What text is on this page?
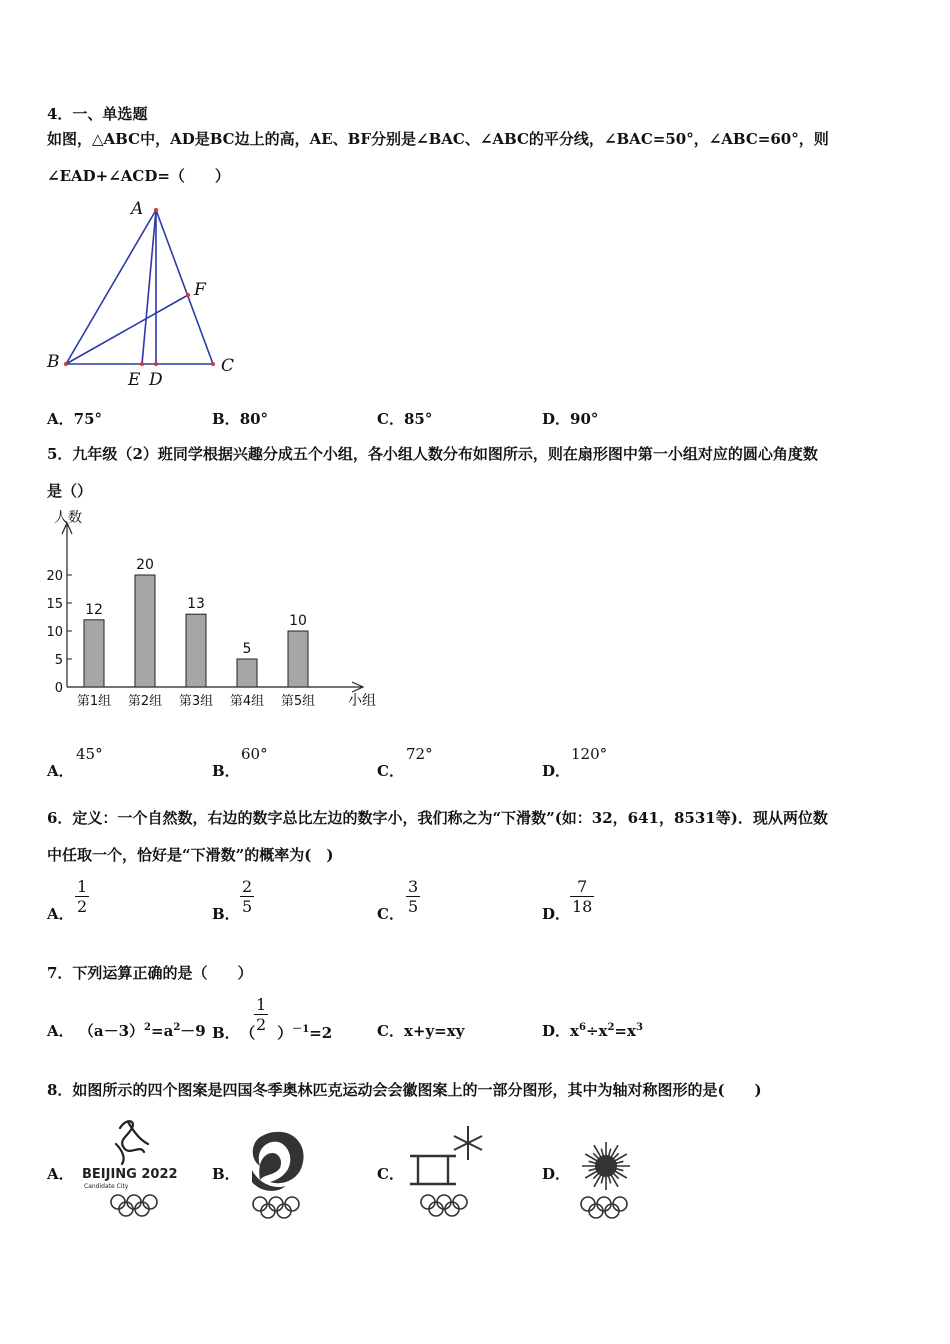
4．一、单选题
如图，△ABC中，AD是BC边上的高，AE、BF分别是∠BAC、∠ABC的平分线，∠BAC=50°，∠ABC=60°，则
∠EAD+∠ACD=（　　）
A
F
B	C
E D
A．75°	B．80°	C．85°	D．90°
5．九年级（2）班同学根据兴趣分成五个小组，各小组人数分布如图所示，则在扇形图中第一小组对应的圆心角度数
是（）
人数
小组
0
5
10
15
20
12
第1组
20
第2组
13
第3组
5
第4组
10
第5组
A．
45°
B．
60°
C．
72°
D．
120°
6．定义：一个自然数，右边的数字总比左边的数字小，我们称之为“下滑数”(如：32，641，8531等)．现从两位数
中任取一个，恰好是“下滑数”的概率为(　)
A． $\frac{1}{2}$	B． $\frac{2}{5}$	C． $\frac{3}{5}$	D． $\frac{7}{18}$
7．下列运算正确的是（　　）
A． $(a-3)^2=a^2-9$ B． （ ）$^{-1}$=2
$\frac{1}{2}$	C．x+y=xy	D．$x^6\div x^2=x^3$
8．如图所示的四个图案是四国冬季奥林匹克运动会会徽图案上的一部分图形，其中为轴对称图形的是(　　)
A． BEIJING 2022
Candidate City
B．	C．	D．
